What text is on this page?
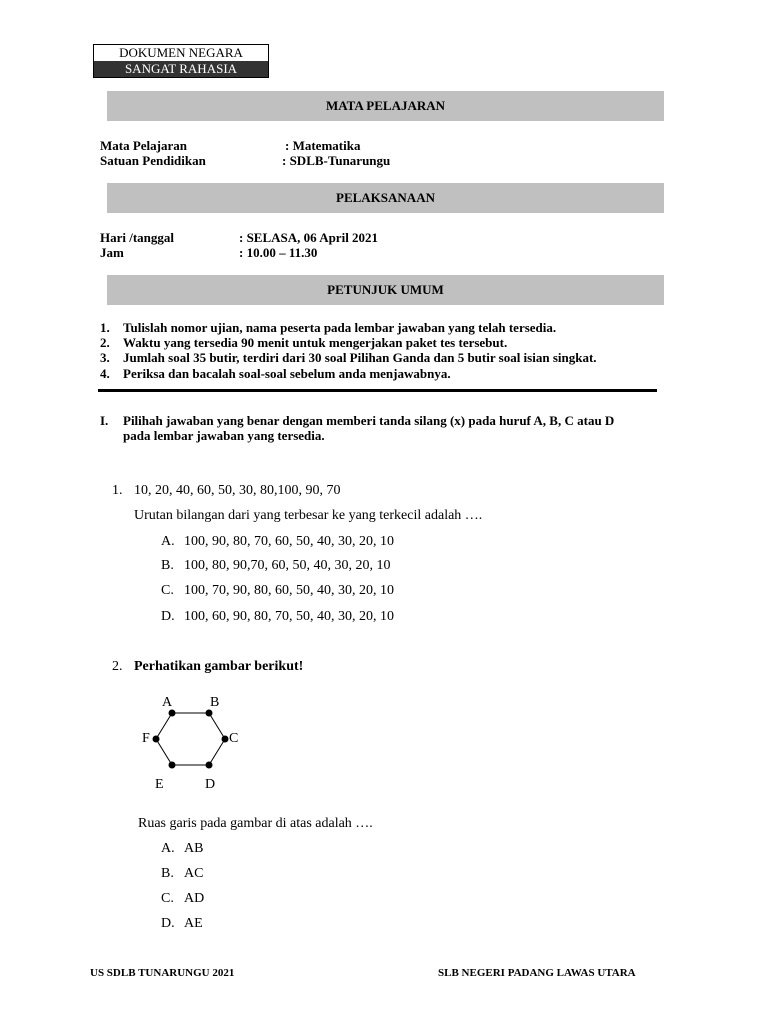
DOKUMEN NEGARA
SANGAT RAHASIA
MATA PELAJARAN
Mata Pelajaran	: Matematika
Satuan Pendidikan	: SDLB-Tunarungu
PELAKSANAAN
Hari /tanggal	: SELASA, 06 April 2021
Jam	: 10.00 – 11.30
PETUNJUK UMUM
1. Tulislah nomor ujian, nama peserta pada lembar jawaban yang telah tersedia.
2. Waktu yang tersedia 90 menit untuk mengerjakan paket tes tersebut.
3. Jumlah soal 35 butir, terdiri dari 30 soal Pilihan Ganda dan 5 butir soal isian singkat.
4. Periksa dan bacalah soal-soal sebelum anda menjawabnya.
I. Pilihah jawaban yang benar dengan memberi tanda silang (x) pada huruf A, B, C atau D
pada lembar jawaban yang tersedia.
1. 10, 20, 40, 60, 50, 30, 80,100, 90, 70
Urutan bilangan dari yang terbesar ke yang terkecil adalah ….
A. 100, 90, 80, 70, 60, 50, 40, 30, 20, 10
B. 100, 80, 90,70, 60, 50, 40, 30, 20, 10
C. 100, 70, 90, 80, 60, 50, 40, 30, 20, 10
D. 100, 60, 90, 80, 70, 50, 40, 30, 20, 10
2. Perhatikan gambar berikut!
A	B
C
D
E
F
Ruas garis pada gambar di atas adalah ….
A. AB
B. AC
C. AD
D. AE
US SDLB TUNARUNGU 2021	SLB NEGERI PADANG LAWAS UTARA
